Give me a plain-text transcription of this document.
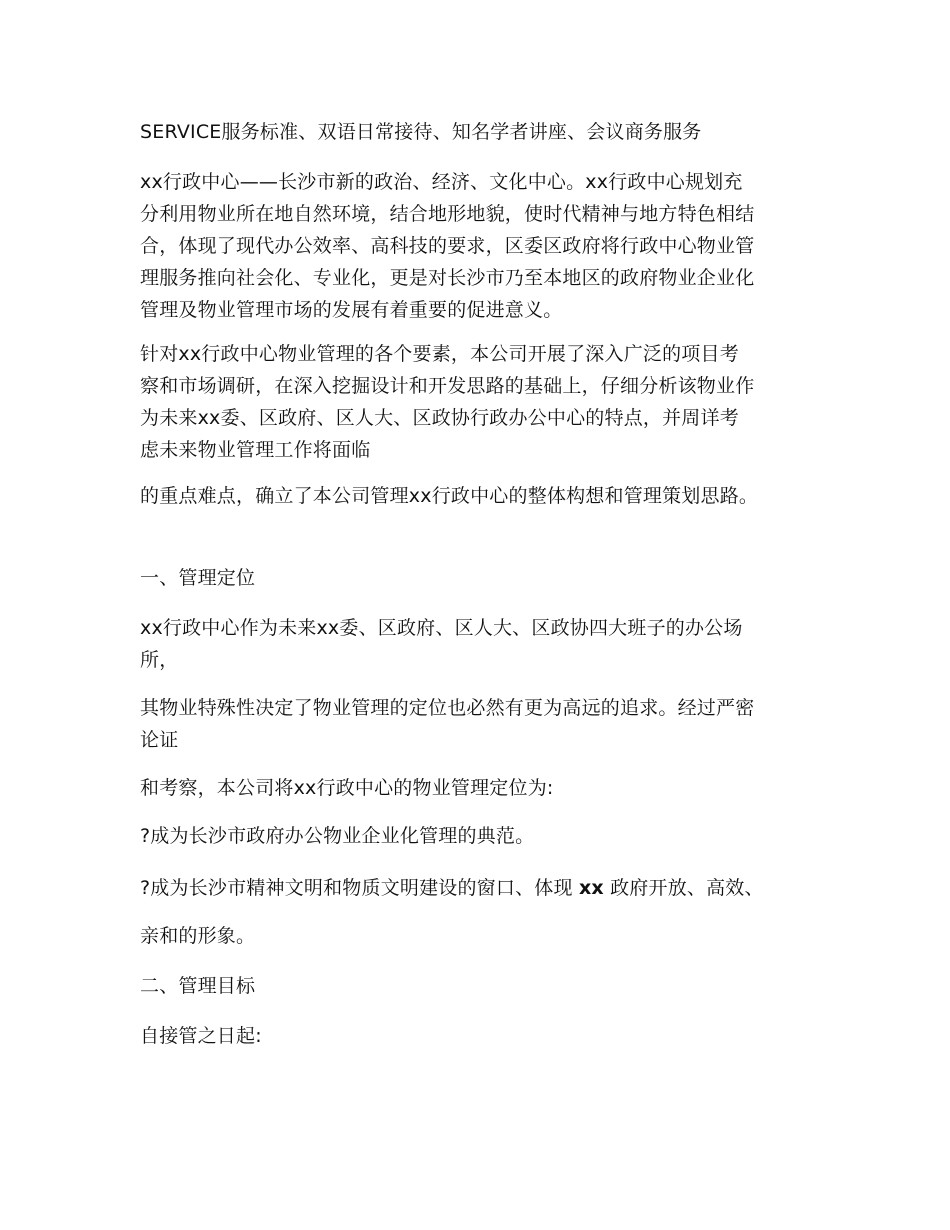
SERVICE服务标准、双语日常接待、知名学者讲座、会议商务服务
xx行政中心——长沙市新的政治、经济、文化中心。xx行政中心规划充
分利用物业所在地自然环境，结合地形地貌，使时代精神与地方特色相结
合，体现了现代办公效率、高科技的要求，区委区政府将行政中心物业管
理服务推向社会化、专业化，更是对长沙市乃至本地区的政府物业企业化
管理及物业管理市场的发展有着重要的促进意义。
针对xx行政中心物业管理的各个要素，本公司开展了深入广泛的项目考
察和市场调研，在深入挖掘设计和开发思路的基础上，仔细分析该物业作
为未来xx委、区政府、区人大、区政协行政办公中心的特点，并周详考
虑未来物业管理工作将面临
的重点难点，确立了本公司管理xx行政中心的整体构想和管理策划思路。
一、管理定位
xx行政中心作为未来xx委、区政府、区人大、区政协四大班子的办公场
所，
其物业特殊性决定了物业管理的定位也必然有更为高远的追求。经过严密
论证
和考察，本公司将xx行政中心的物业管理定位为:
?成为长沙市政府办公物业企业化管理的典范。
?成为长沙市精神文明和物质文明建设的窗口、体现 xx 政府开放、高效、
亲和的形象。
二、管理目标
自接管之日起:
